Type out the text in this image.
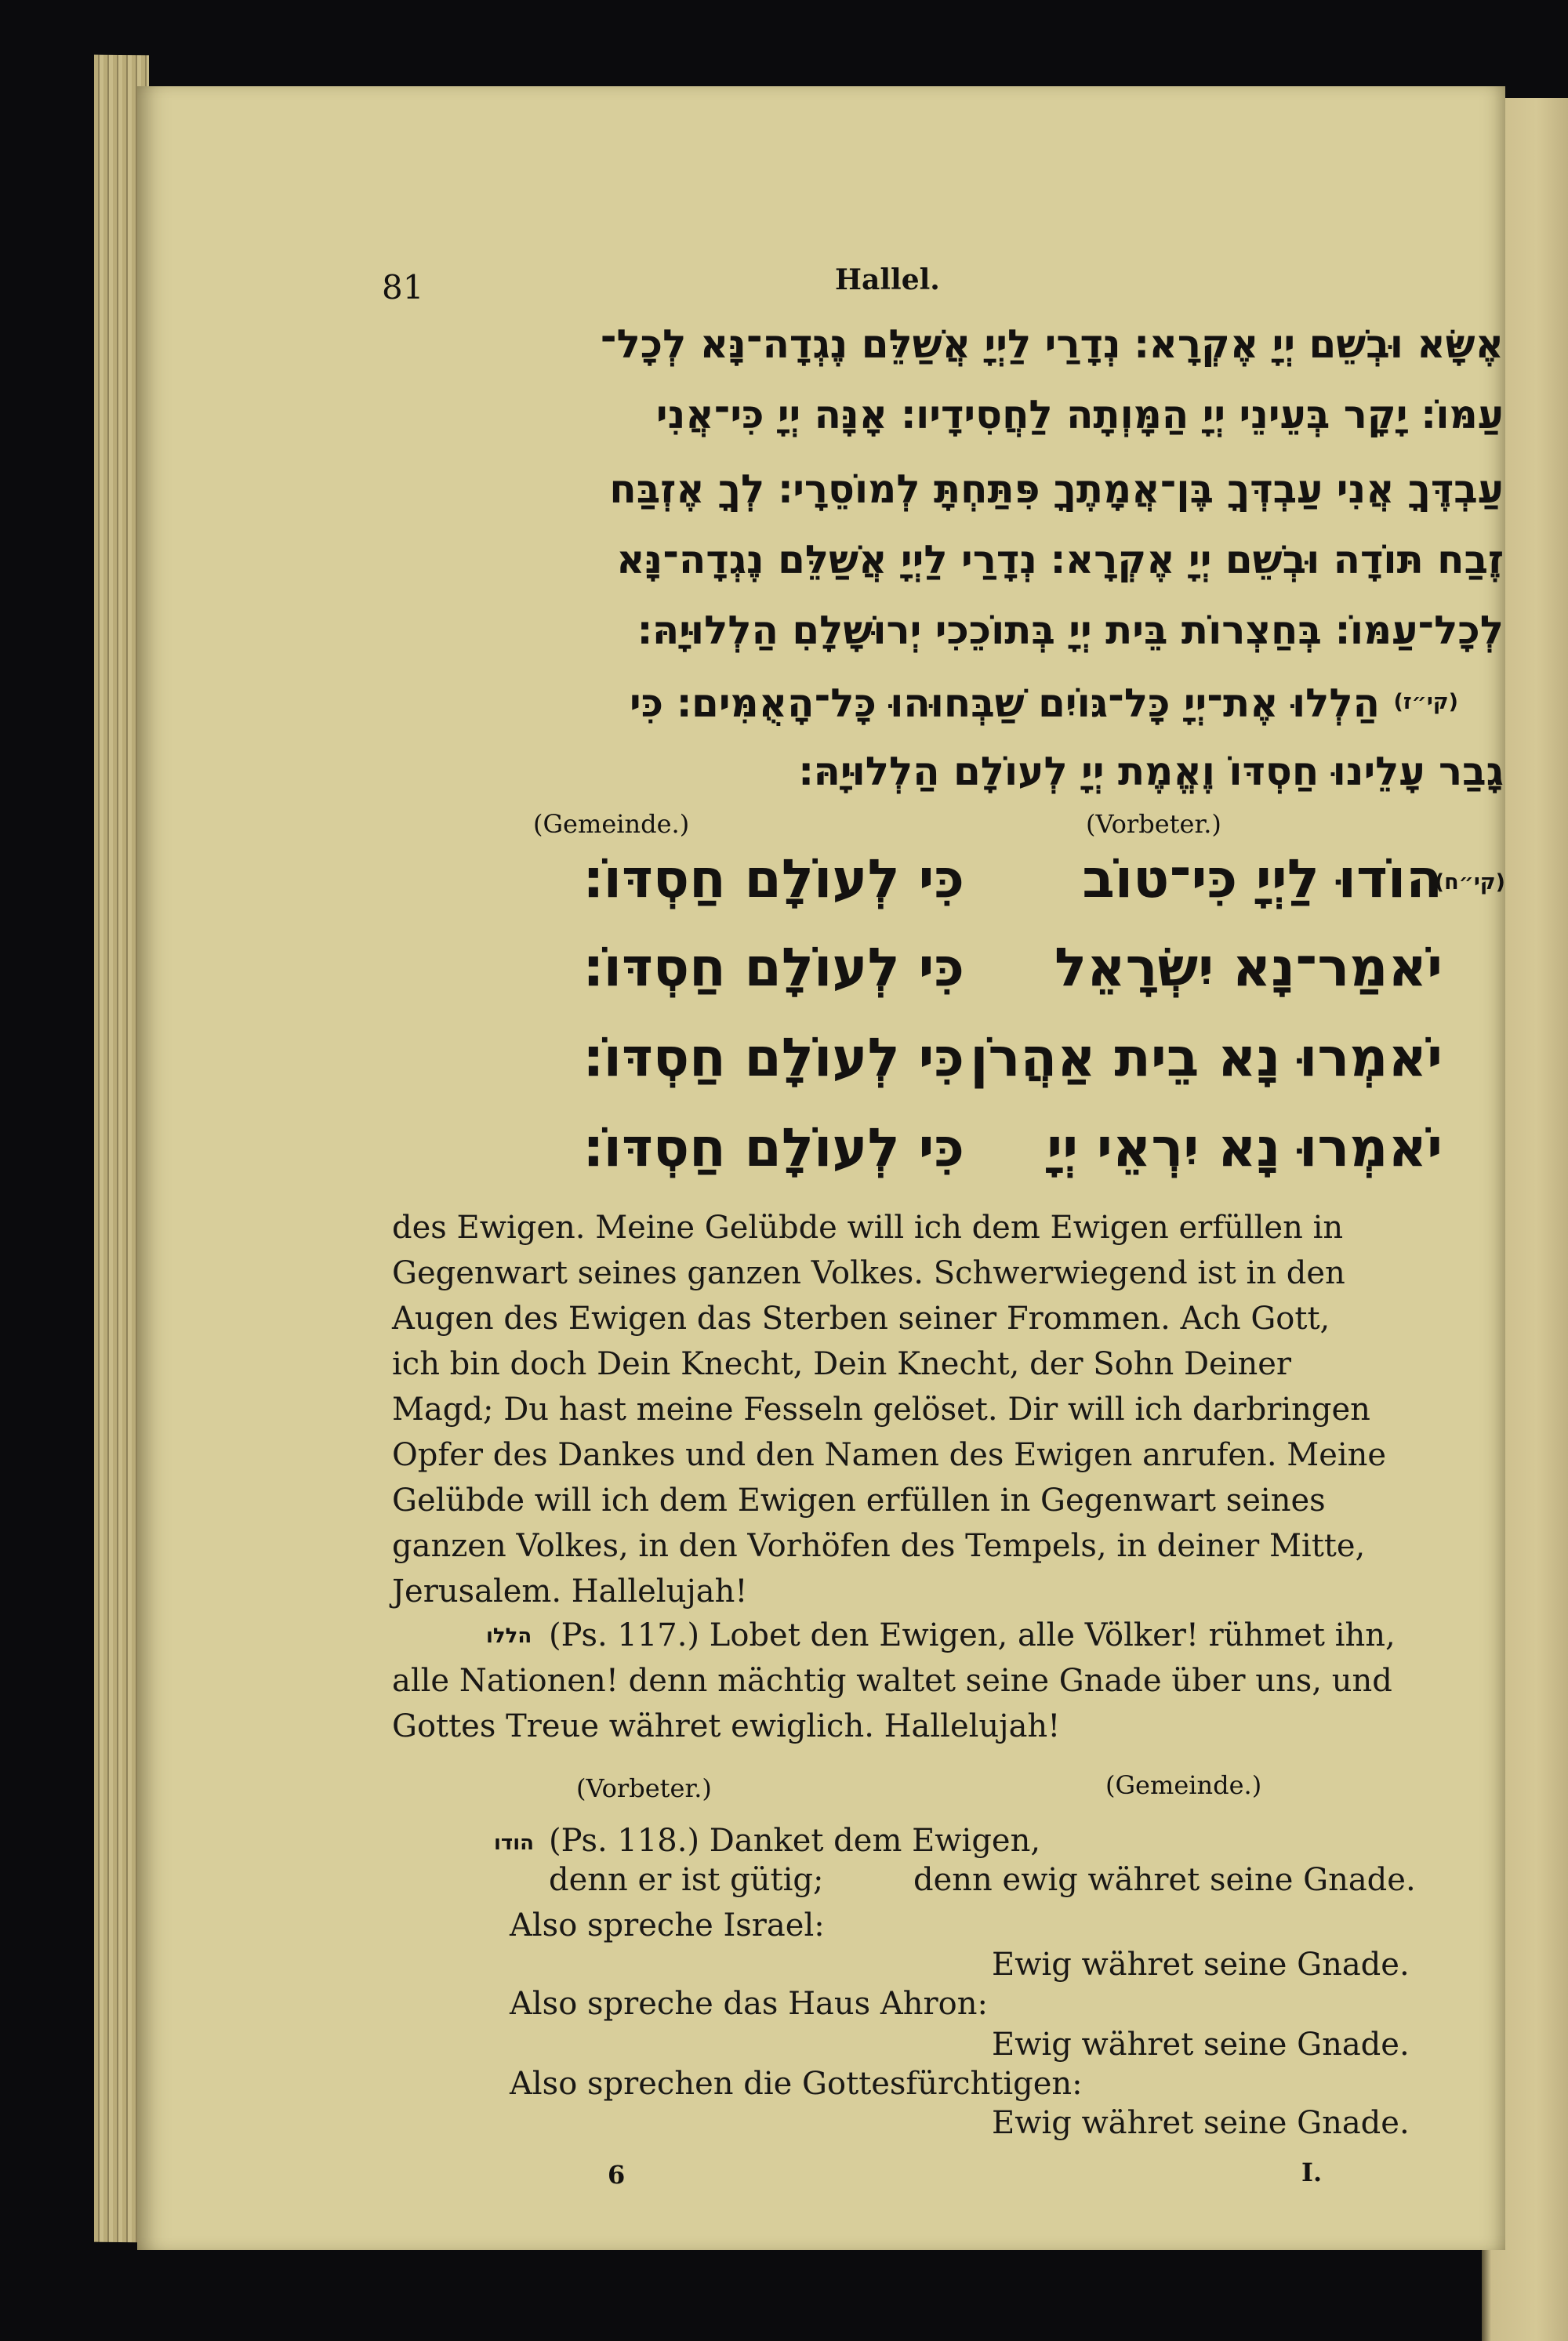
81	Hallel.
אֶשָּׂא וּבְשֵׁם יְיָ אֶקְרָא׃ נְדָרַי לַיְיָ אֲשַׁלֵּם נֶגְדָה־נָּא לְכָל־
עַמּוֹ׃ יָקָר בְּעֵינֵי יְיָ הַמָּוְתָה לַחֲסִידָיו׃ אָנָּה יְיָ כִּי־אֲנִי
עַבְדֶּךָ אֲנִי עַבְדְּךָ בֶּן־אֲמָתֶךָ פִּתַּחְתָּ לְמוֹסֵרָי׃ לְךָ אֶזְבַּח
זֶבַח תּוֹדָה וּבְשֵׁם יְיָ אֶקְרָא׃ נְדָרַי לַיְיָ אֲשַׁלֵּם נֶגְדָה־נָּא
לְכָל־עַמּוֹ׃ בְּחַצְרוֹת בֵּית יְיָ בְּתוֹכֵכִי יְרוּשָׁלָםִ הַלְלוּיָהּ׃
(קי״ז)
הַלְלוּ אֶת־יְיָ כָּל־גּוֹיִם שַׁבְּחוּהוּ כָּל־הָאֻמִּים׃ כִּי
גָבַר עָלֵינוּ חַסְדּוֹ וֶאֱמֶת יְיָ לְעוֹלָם הַלְלוּיָהּ׃
(Gemeinde.)	(Vorbeter.)
(קי״ח)
כִּי לְעוֹלָם חַסְדּוֹ׃ הוֹדוּ לַיְיָ כִּי־טוֹב
כִּי לְעוֹלָם חַסְדּוֹ׃ יֹאמַר־נָא יִשְׂרָאֵל
כִּי לְעוֹלָם חַסְדּוֹ׃ יֹאמְרוּ נָא בֵית אַהֲרֹן
כִּי לְעוֹלָם חַסְדּוֹ׃ יֹאמְרוּ נָא יִרְאֵי יְיָ
des Ewigen. Meine Gelübde will ich dem Ewigen erfüllen in
Gegenwart seines ganzen Volkes. Schwerwiegend ist in den
Augen des Ewigen das Sterben seiner Frommen. Ach Gott,
ich bin doch Dein Knecht, Dein Knecht, der Sohn Deiner
Magd; Du hast meine Fesseln gelöset. Dir will ich darbringen
Opfer des Dankes und den Namen des Ewigen anrufen. Meine
Gelübde will ich dem Ewigen erfüllen in Gegenwart seines
ganzen Volkes, in den Vorhöfen des Tempels, in deiner Mitte,
Jerusalem. Hallelujah!
הללו (Ps. 117.) Lobet den Ewigen, alle Völker! rühmet ihn,
alle Nationen! denn mächtig waltet seine Gnade über uns, und
Gottes Treue währet ewiglich. Hallelujah!
(Vorbeter.)	(Gemeinde.)
הודו (Ps. 118.) Danket dem Ewigen,
denn er ist gütig;	denn ewig währet seine Gnade.
Also spreche Israel:
Ewig währet seine Gnade.
Also spreche das Haus Ahron:
Ewig währet seine Gnade.
Also sprechen die Gottesfürchtigen:
Ewig währet seine Gnade.
6	I.
